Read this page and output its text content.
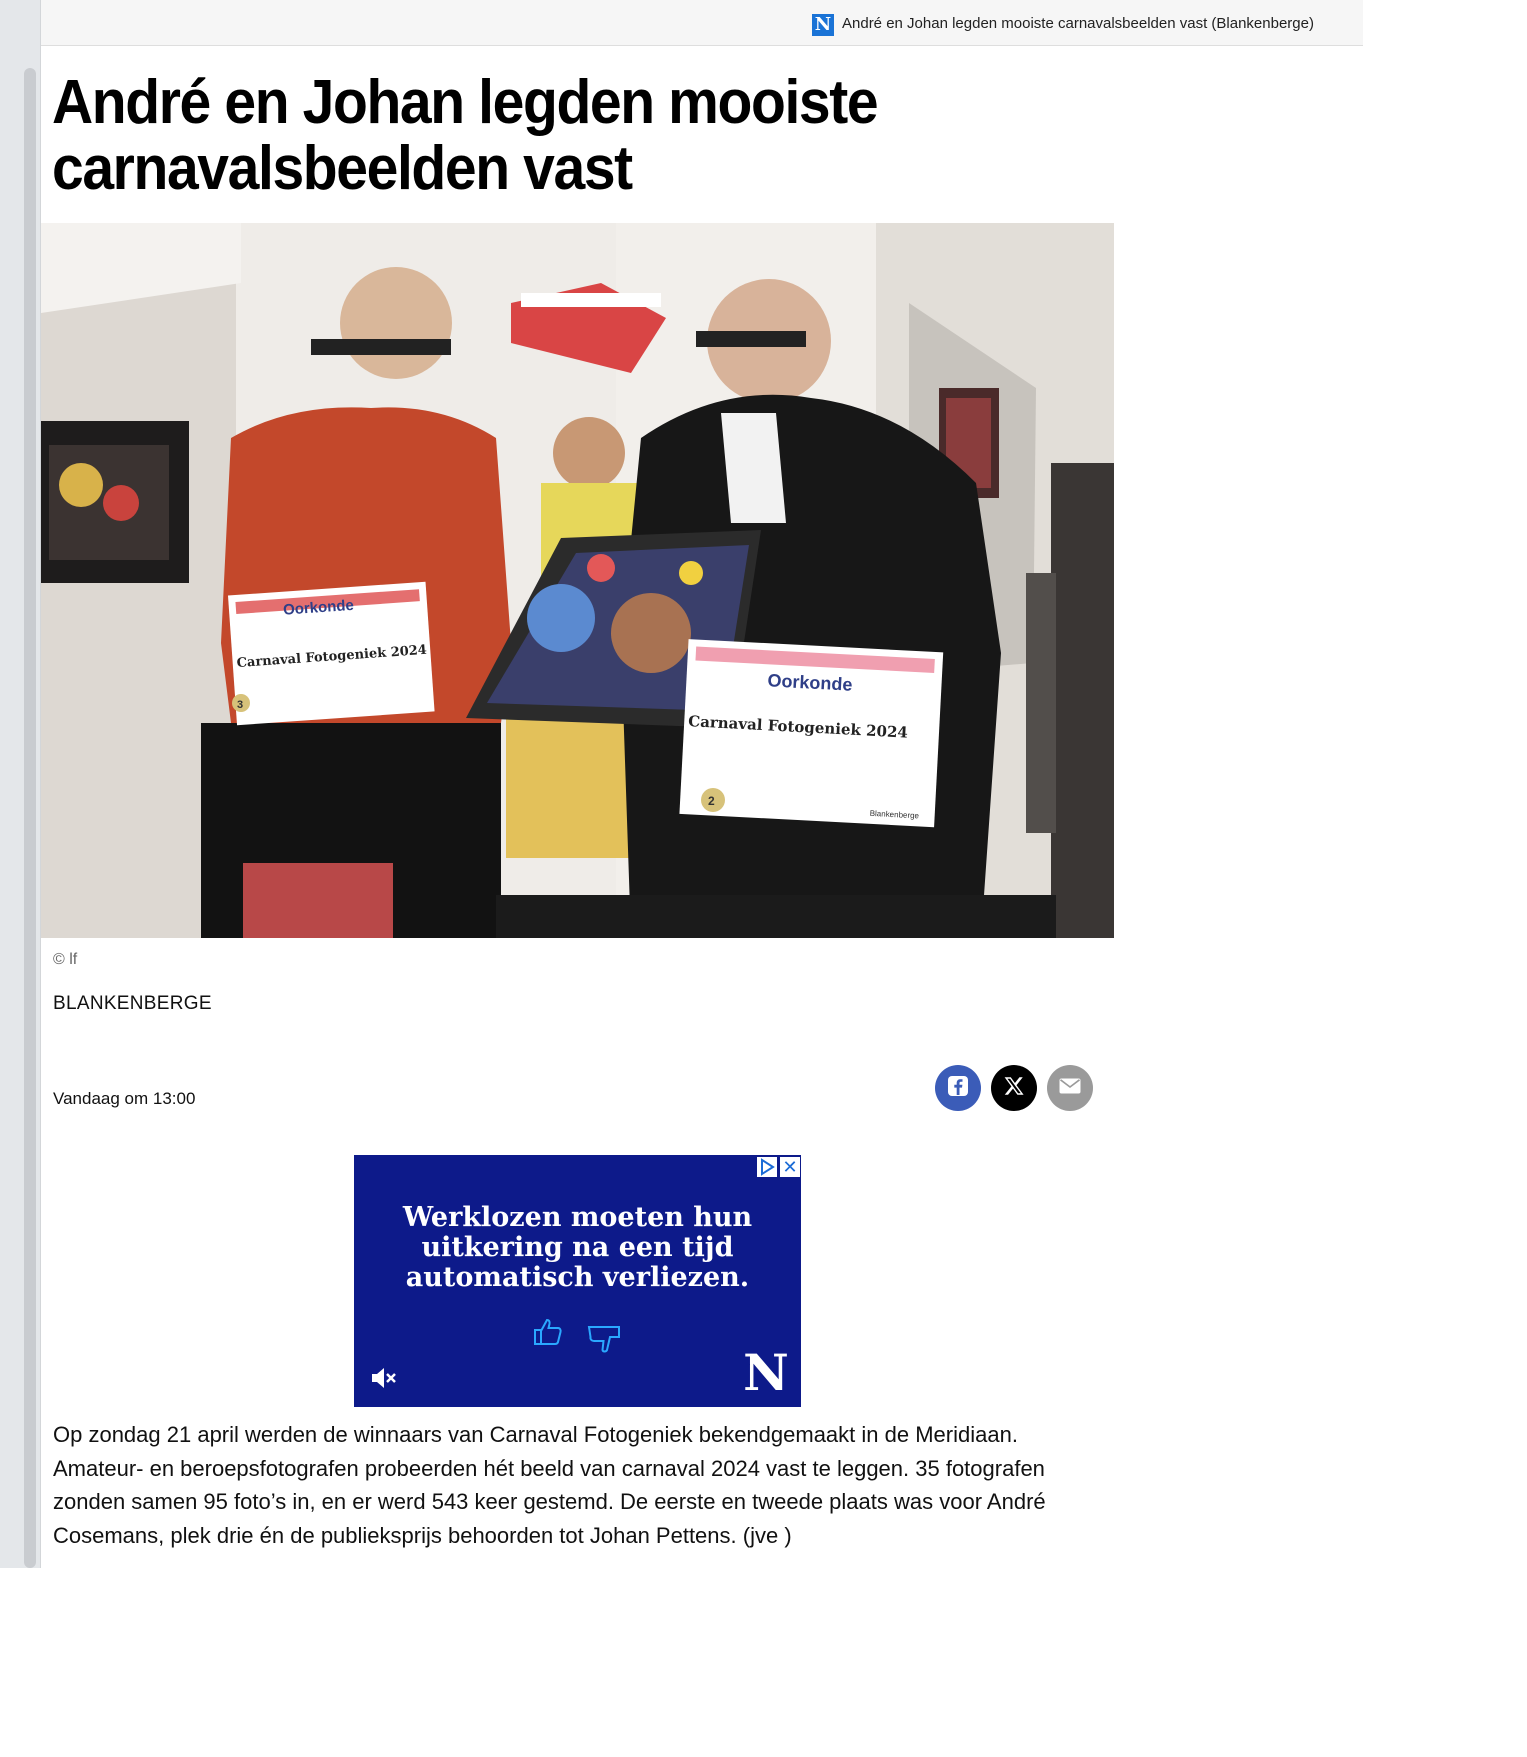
N André en Johan legden mooiste carnavalsbeelden vast (Blankenberge)
André en Johan legden mooiste carnavalsbeelden vast
Oorkonde
Carnaval Fotogeniek 2024
3
Oorkonde
Carnaval Fotogeniek 2024
Blankenberge
2
© lf
BLANKENBERGE
Vandaag om 13:00
✕
Werklozen moeten hun uitkering na een tijd automatisch verliezen.
N

Op zondag 21 april werden de winnaars van Carnaval Fotogeniek bekendgemaakt in de Meridiaan. Amateur- en beroepsfotografen probeerden hét beeld van carnaval 2024 vast te leggen. 35 fotografen zonden samen 95 foto’s in, en er werd 543 keer gestemd. De eerste en tweede plaats was voor André Cosemans, plek drie én de publieksprijs behoorden tot Johan Pettens. (jve )
